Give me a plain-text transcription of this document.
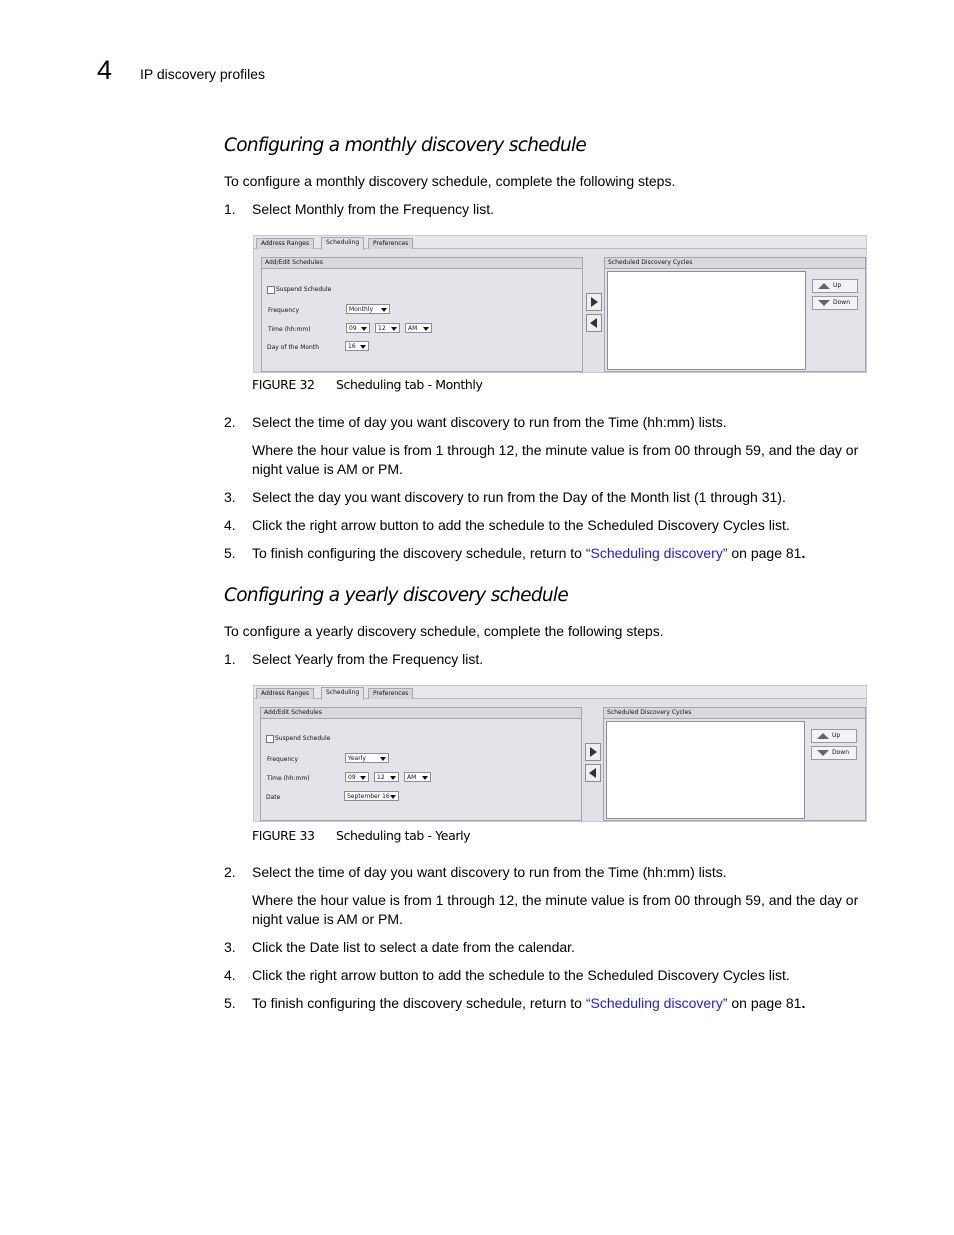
4 IP discovery profiles
Configuring a monthly discovery schedule
To configure a monthly discovery schedule, complete the following steps.
1. Select Monthly from the Frequency list.
Address Ranges	Scheduling	Preferences
Add/Edit Schedules
Suspend Schedule
Frequency	Monthly
Time (hh:mm)	09	12	AM
Day of the Month	16
Scheduled Discovery Cycles
Up
Down
FIGURE 32 Scheduling tab - Monthly
2. Select the time of day you want discovery to run from the Time (hh:mm) lists.
Where the hour value is from 1 through 12, the minute value is from 00 through 59, and the day or night value is AM or PM.
3. Select the day you want discovery to run from the Day of the Month list (1 through 31).
4. Click the right arrow button to add the schedule to the Scheduled Discovery Cycles list.
5. To finish configuring the discovery schedule, return to “Scheduling discovery” on page 81.
Configuring a yearly discovery schedule
To configure a yearly discovery schedule, complete the following steps.
1. Select Yearly from the Frequency list.
Address Ranges	Scheduling	Preferences
Add/Edit Schedules
Suspend Schedule
Frequency	Yearly
Time (hh:mm)	09	12	AM
Date	September 16
Scheduled Discovery Cycles
Up
Down
FIGURE 33 Scheduling tab - Yearly
2. Select the time of day you want discovery to run from the Time (hh:mm) lists.
Where the hour value is from 1 through 12, the minute value is from 00 through 59, and the day or night value is AM or PM.
3. Click the Date list to select a date from the calendar.
4. Click the right arrow button to add the schedule to the Scheduled Discovery Cycles list.
5. To finish configuring the discovery schedule, return to “Scheduling discovery” on page 81.
